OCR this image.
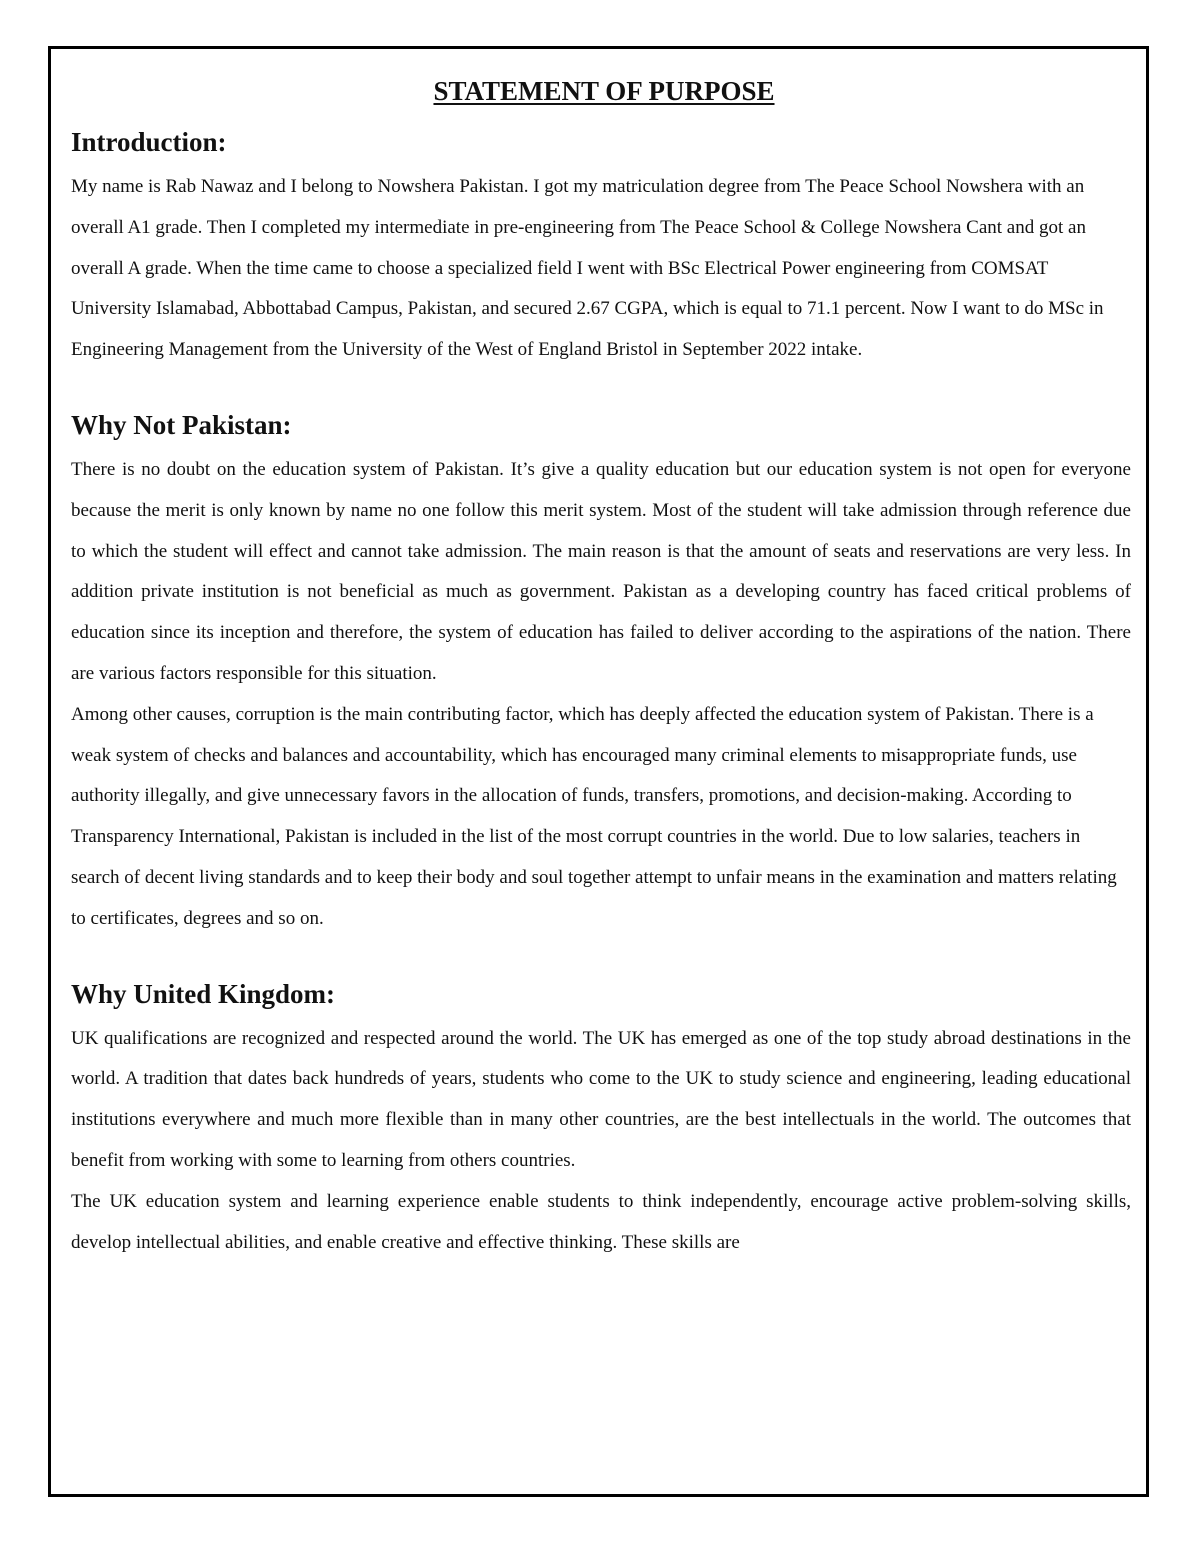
STATEMENT OF PURPOSE
Introduction:

My name is Rab Nawaz and I belong to Nowshera Pakistan. I got my matriculation degree from The Peace School Nowshera with an overall A1 grade. Then I completed my intermediate in pre-engineering from The Peace School & College Nowshera Cant and got an overall A grade. When the time came to choose a specialized field I went with BSc Electrical Power engineering from COMSAT University Islamabad, Abbottabad Campus, Pakistan, and secured 2.67 CGPA, which is equal to 71.1 percent. Now I want to do MSc in Engineering Management from the University of the West of England Bristol in September 2022 intake.

Why Not Pakistan:

There is no doubt on the education system of Pakistan. It’s give a quality education but our education system is not open for everyone because the merit is only known by name no one follow this merit system. Most of the student will take admission through reference due to which the student will effect and cannot take admission. The main reason is that the amount of seats and reservations are very less. In addition private institution is not beneficial as much as government. Pakistan as a developing country has faced critical problems of education since its inception and therefore, the system of education has failed to deliver according to the aspirations of the nation. There are various factors responsible for this situation.

Among other causes, corruption is the main contributing factor, which has deeply affected the education system of Pakistan. There is a weak system of checks and balances and accountability, which has encouraged many criminal elements to misappropriate funds, use authority illegally, and give unnecessary favors in the allocation of funds, transfers, promotions, and decision-making. According to Transparency International, Pakistan is included in the list of the most corrupt countries in the world. Due to low salaries, teachers in search of decent living standards and to keep their body and soul together attempt to unfair means in the examination and matters relating to certificates, degrees and so on.

Why United Kingdom:

UK qualifications are recognized and respected around the world. The UK has emerged as one of the top study abroad destinations in the world. A tradition that dates back hundreds of years, students who come to the UK to study science and engineering, leading educational institutions everywhere and much more flexible than in many other countries, are the best intellectuals in the world. The outcomes that benefit from working with some to learning from others countries.

The UK education system and learning experience enable students to think independently, encourage active problem-solving skills, develop intellectual abilities, and enable creative and effective thinking. These skills are
